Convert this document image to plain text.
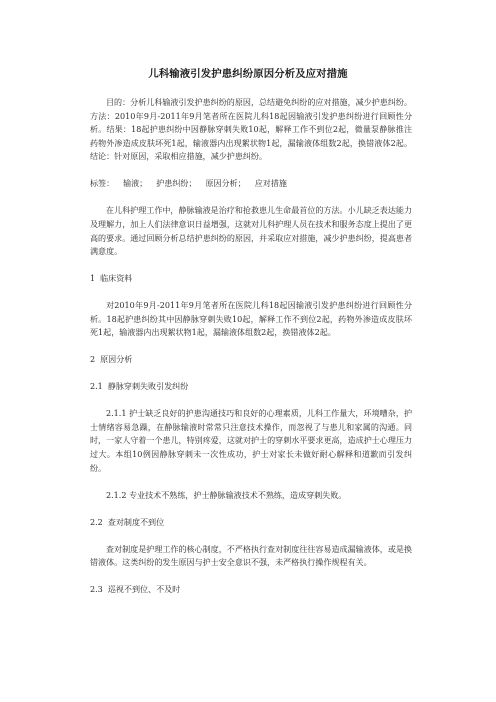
儿科输液引发护患纠纷原因分析及应对措施

目的：分析儿科输液引发护患纠纷的原因，总结避免纠纷的应对措施，减少护患纠纷。方法：2010年9月-2011年9月笔者所在医院儿科18起因输液引发护患纠纷进行回顾性分析。结果：18起护患纠纷中因静脉穿刺失败10起，解释工作不到位2起，微量泵静脉推注药物外渗造成皮肤坏死1起，输液器内出现絮状物1起，漏输液体组数2起，换错液体2起。结论：针对原因，采取相应措施，减少护患纠纷。

标签： 输液； 护患纠纷； 原因分析； 应对措施

在儿科护理工作中，静脉输液是治疗和抢救患儿生命最首位的方法。小儿缺乏表达能力及理解力，加上人们法律意识日益增强，这就对儿科护理人员在技术和服务态度上提出了更高的要求。通过回顾分析总结护患纠纷的原因，并采取应对措施，减少护患纠纷，提高患者满意度。

1 临床资料

对2010年9月-2011年9月笔者所在医院儿科18起因输液引发护患纠纷进行回顾性分析。18起护患纠纷其中因静脉穿刺失败10起，解释工作不到位2起，药物外渗造成皮肤坏死1起，输液器内出现絮状物1起，漏输液体组数2起，换错液体2起。

2 原因分析

2.1 静脉穿刺失败引发纠纷

2.1.1 护士缺乏良好的护患沟通技巧和良好的心理素质，儿科工作量大，环境嘈杂，护士情绪容易急躁，在静脉输液时常常只注意技术操作，而忽视了与患儿和家属的沟通。同时，一家人守着一个患儿，特别疼爱，这就对护士的穿刺水平要求更高，造成护士心理压力过大。本组10例因静脉穿刺未一次性成功，护士对家长未做好耐心解释和道歉而引发纠纷。

2.1.2 专业技术不熟练，护士静脉输液技术不熟练，造成穿刺失败。

2.2 查对制度不到位

查对制度是护理工作的核心制度，不严格执行查对制度往往容易造成漏输液体，或是换错液体。这类纠纷的发生原因与护士安全意识不强，未严格执行操作规程有关。

2.3 巡视不到位、不及时
